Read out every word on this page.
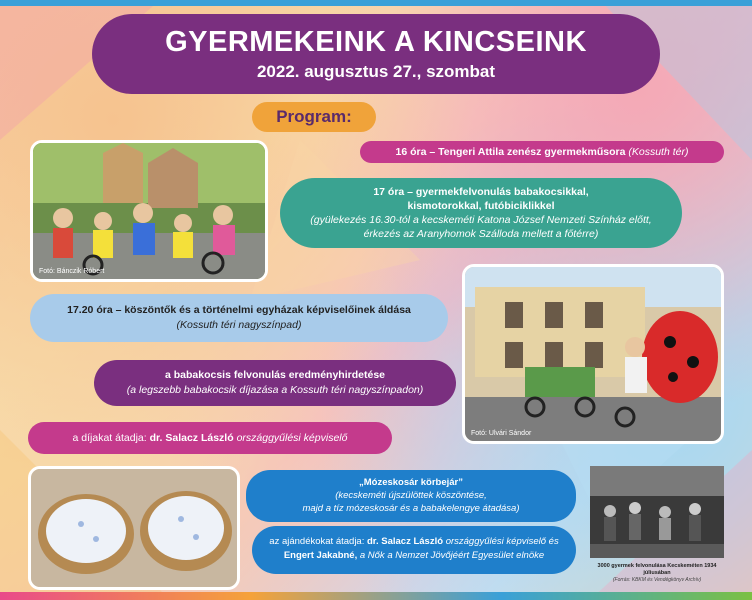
GYERMEKEINK A KINCSEINK
2022. augusztus 27., szombat
Program:
Fotó: Bánczik Róbert
16 óra – Tengeri Attila zenész gyermekműsora (Kossuth tér)
17 óra – gyermekfelvonulás babakocsikkal,
kismotorokkal, futóbiciklikkel
(gyülekezés 16.30-tól a kecskeméti Katona József Nemzeti Színház előtt,
érkezés az Aranyhomok Szálloda mellett a főtérre)
Fotó: Ulvári Sándor
17.20 óra – köszöntők és a történelmi egyházak képviselőinek áldása
(Kossuth téri nagyszínpad)
a babakocsis felvonulás eredményhirdetése
(a legszebb babakocsik díjazása a Kossuth téri nagyszínpadon)
a díjakat átadja: dr. Salacz László országgyűlési képviselő
„Mózeskosár körbejár”
(kecskeméti újszülöttek köszöntése,
majd a tíz mózeskosár és a babakelengye átadása)
az ajándékokat átadja: dr. Salacz László országgyűlési képviselő és
Engert Jakabné, a Nők a Nemzet Jövőjéért Egyesület elnöke
3000 gyermek felvonulása Kecskeméten 1934 júliusában
(Forrás: KBKM és Vendégkönyv Archív)
